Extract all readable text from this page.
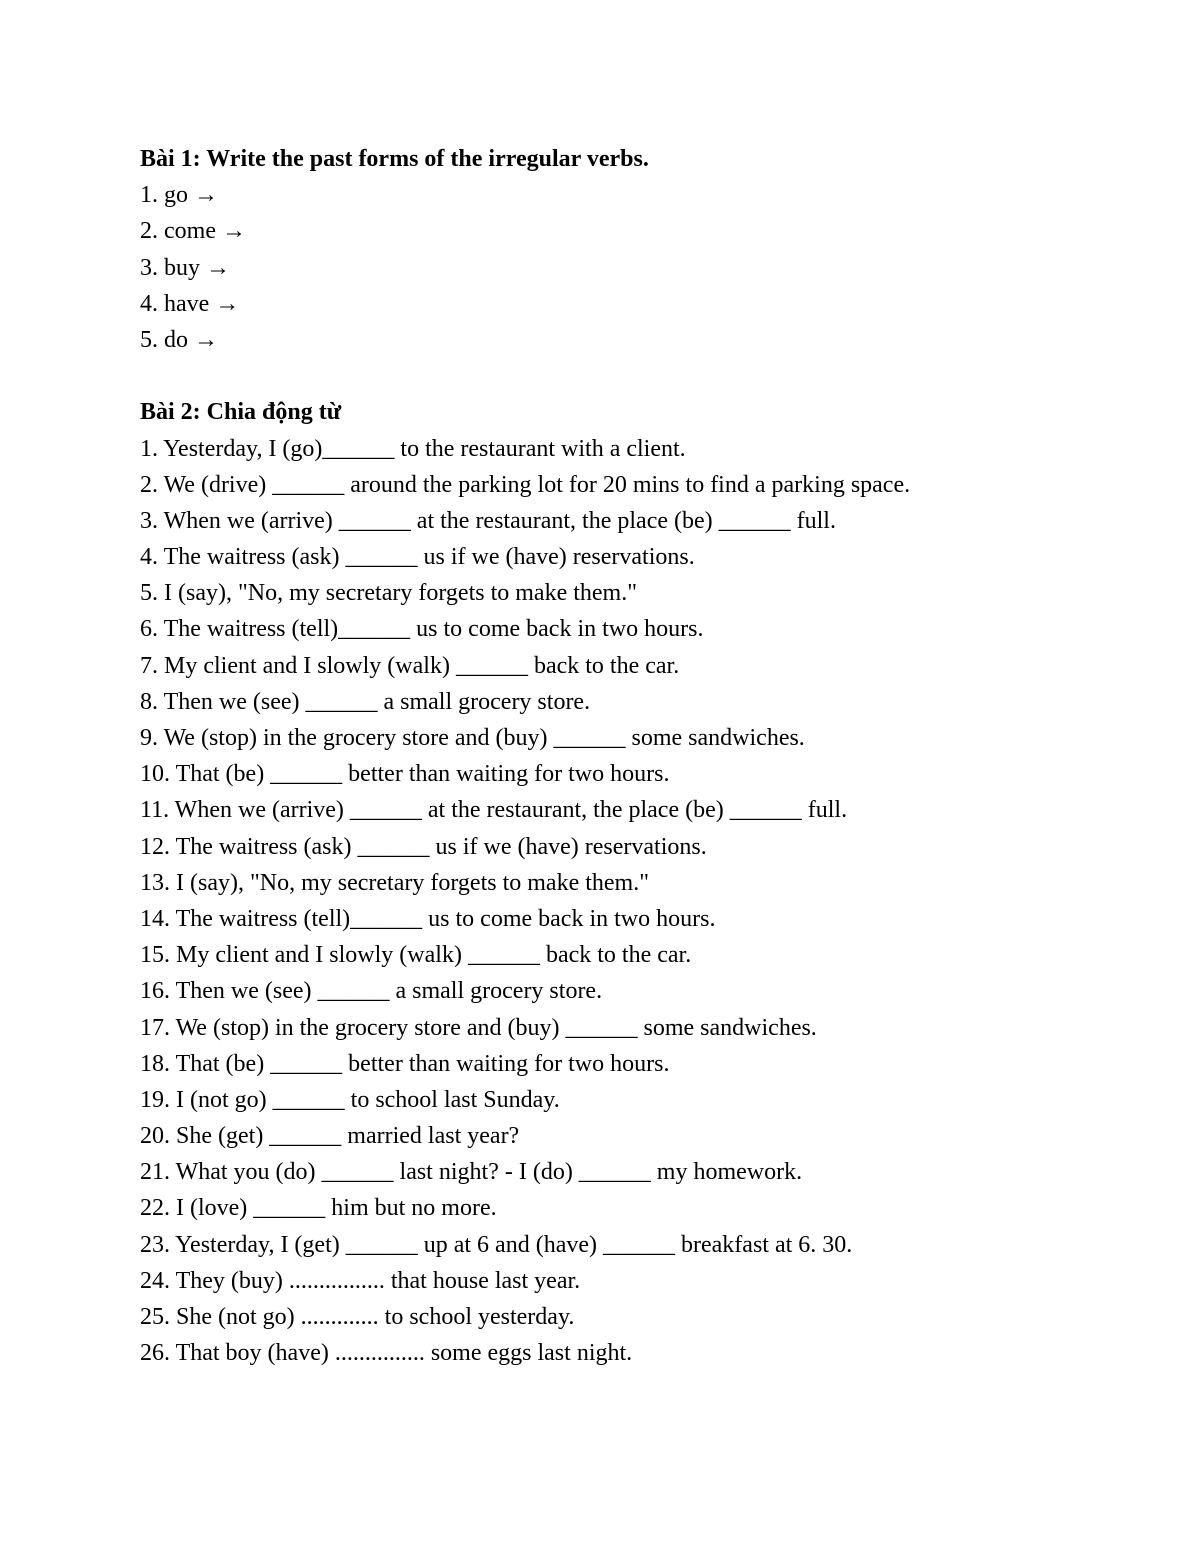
Bài 1: Write the past forms of the irregular verbs.
1. go →
2. come →
3. buy →
4. have →
5. do →
Bài 2: Chia động từ
1. Yesterday, I (go)______ to the restaurant with a client.
2. We (drive) ______ around the parking lot for 20 mins to find a parking space.
3. When we (arrive) ______ at the restaurant, the place (be) ______ full.
4. The waitress (ask) ______ us if we (have) reservations.
5. I (say), "No, my secretary forgets to make them."
6. The waitress (tell)______ us to come back in two hours.
7. My client and I slowly (walk) ______ back to the car.
8. Then we (see) ______ a small grocery store.
9. We (stop) in the grocery store and (buy) ______ some sandwiches.
10. That (be) ______ better than waiting for two hours.
11. When we (arrive) ______ at the restaurant, the place (be) ______ full.
12. The waitress (ask) ______ us if we (have) reservations.
13. I (say), "No, my secretary forgets to make them."
14. The waitress (tell)______ us to come back in two hours.
15. My client and I slowly (walk) ______ back to the car.
16. Then we (see) ______ a small grocery store.
17. We (stop) in the grocery store and (buy) ______ some sandwiches.
18. That (be) ______ better than waiting for two hours.
19. I (not go) ______ to school last Sunday.
20. She (get) ______ married last year?
21. What you (do) ______ last night? - I (do) ______ my homework.
22. I (love) ______ him but no more.
23. Yesterday, I (get) ______ up at 6 and (have) ______ breakfast at 6. 30.
24. They (buy) ................ that house last year.
25. She (not go) ............. to school yesterday.
26. That boy (have) ............... some eggs last night.
